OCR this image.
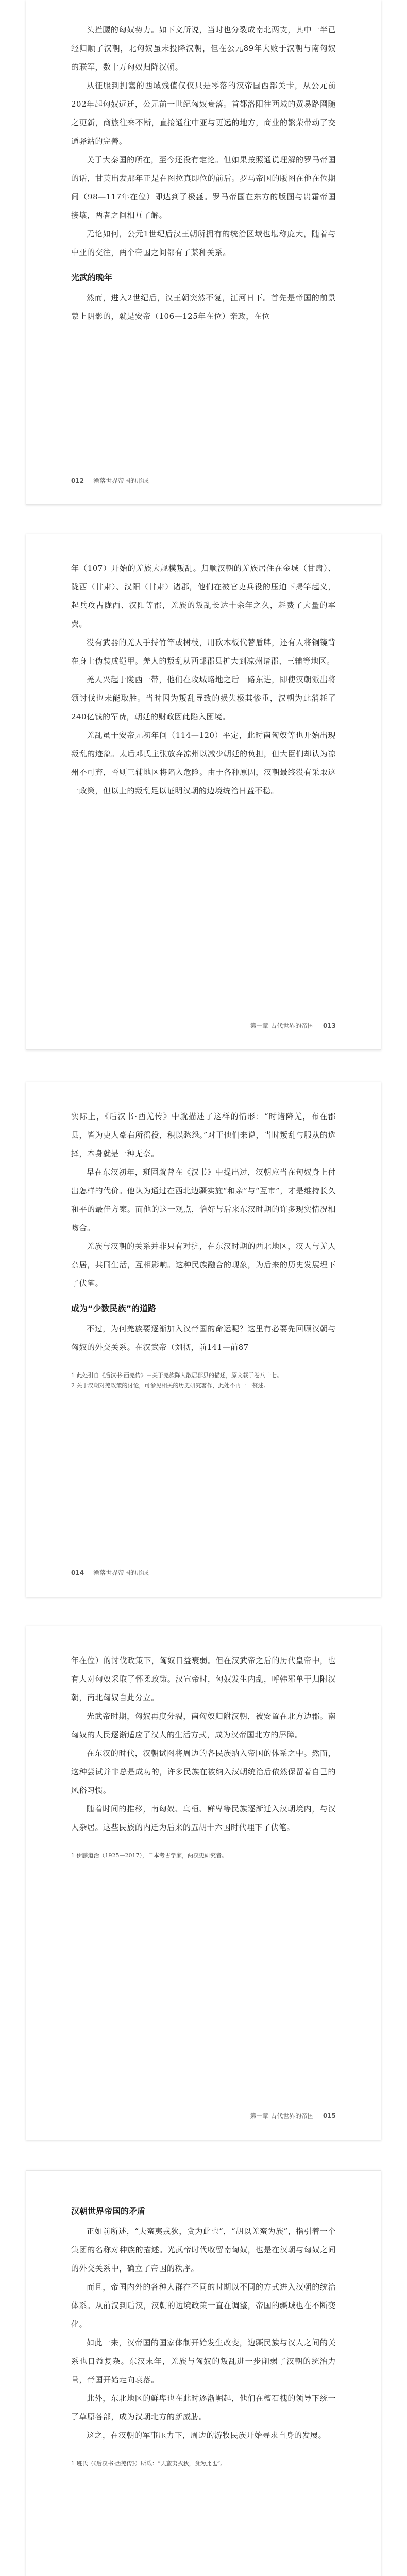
头拦腰的匈奴势力。如下文所说，当时也分裂成南北两支，其中一半已经归顺了汉朝，北匈奴虽未投降汉朝，但在公元89年大败于汉朝与南匈奴的联军，数十万匈奴归降汉朝。

从征服到拥塞的西域残值仅仅只是零落的汉帝国西部关卡，从公元前202年起匈奴远迁，公元前一世纪匈奴衰落。首都洛阳往西域的贸易路网随之更新，商旅往来不断，直接通往中亚与更远的地方，商业的繁荣带动了交通驿站的完善。

关于大秦国的所在，至今还没有定论。但如果按照通说理解的罗马帝国的话，甘英出发那年正是在图拉真即位的前后。罗马帝国的版图在他在位期间（98—117年在位）即达到了极盛。罗马帝国在东方的版图与贵霜帝国接壤，两者之间相互了解。

无论如何，公元1世纪后汉王朝所拥有的统治区域也堪称庞大，随着与中亚的交往，两个帝国之间都有了某种关系。

光武的晚年

然而，进入2世纪后，汉王朝突然不复，江河日下。首先是帝国的前景蒙上阴影的，就是安帝（106—125年在位）亲政，在位

012 湮落世界帝国的形成

年（107）开始的羌族大规模叛乱。归顺汉朝的羌族居住在金城（甘肃）、陇西（甘肃）、汉阳（甘肃）诸郡，他们在被官吏兵役的压迫下揭竿起义，起兵攻占陇西、汉阳等郡，羌族的叛乱长达十余年之久，耗费了大量的军费。

没有武器的羌人手持竹竿或树枝，用砍木板代替盾牌，还有人将铜镜背在身上伪装成铠甲。羌人的叛乱从西部郡县扩大到凉州诸郡、三辅等地区。

羌人兴起于陇西一带，他们在攻城略地之后一路东进，即使汉朝派出将领讨伐也未能取胜。当时因为叛乱导致的损失极其惨重，汉朝为此消耗了240亿钱的军费，朝廷的财政因此陷入困境。

羌乱虽于安帝元初年间（114—120）平定，此时南匈奴等也开始出现叛乱的迹象。太后邓氏主张放弃凉州以减少朝廷的负担，但大臣们却认为凉州不可弃，否则三辅地区将陷入危险。由于各种原因，汉朝最终没有采取这一政策，但以上的叛乱足以证明汉朝的边境统治日益不稳。

第一章 古代世界的帝国 013

实际上，《后汉书·西羌传》中就描述了这样的情形：“时诸降羌，布在郡县，皆为吏人豪右所徭役，积以愁怨。”对于他们来说，当时叛乱与服从的选择，本身就是一种无奈。

早在东汉初年，班固就曾在《汉书》中提出过，汉朝应当在匈奴身上付出怎样的代价。他认为通过在西北边疆实施“和亲”与“互市”，才是维持长久和平的最佳方案。而他的这一观点，恰好与后来东汉时期的许多现实情况相吻合。

羌族与汉朝的关系并非只有对抗，在东汉时期的西北地区，汉人与羌人杂居，共同生活，互相影响。这种民族融合的现象，为后来的历史发展埋下了伏笔。

成为“少数民族”的道路

不过，为何羌族要逐渐加入汉帝国的命运呢？这里有必要先回顾汉朝与匈奴的外交关系。在汉武帝（刘彻，前141—前87

1 此处引自《后汉书·西羌传》中关于羌族降人散居郡县的描述，原文载于卷八十七。

2 关于汉朝对羌政策的讨论，可参见相关的历史研究著作，此处不再一一赘述。

014 湮落世界帝国的形成

年在位）的讨伐政策下，匈奴日益衰弱。但在汉武帝之后的历代皇帝中，也有人对匈奴采取了怀柔政策。汉宣帝时，匈奴发生内乱，呼韩邪单于归附汉朝，南北匈奴自此分立。

光武帝时期，匈奴再度分裂，南匈奴归附汉朝，被安置在北方边郡。南匈奴的人民逐渐适应了汉人的生活方式，成为汉帝国北方的屏障。

在东汉的时代，汉朝试图将周边的各民族纳入帝国的体系之中。然而，这种尝试并非总是成功的，许多民族在被纳入汉朝统治后依然保留着自己的风俗习惯。

随着时间的推移，南匈奴、乌桓、鲜卑等民族逐渐迁入汉朝境内，与汉人杂居。这些民族的内迁为后来的五胡十六国时代埋下了伏笔。

1 伊藤道治（1925—2017），日本考古学家，两汉史研究者。

第一章 古代世界的帝国 015
汉朝世界帝国的矛盾

正如前所述，“夫蛮夷戎狄，贪为此也”，“胡以羌蛮为族”，指引着一个集团的名称对种族的描述。光武帝时代收留南匈奴，也是在汉朝与匈奴之间的外交关系中，确立了帝国的秩序。

而且，帝国内外的各种人群在不同的时期以不同的方式进入汉朝的统治体系。从前汉到后汉，汉朝的边境政策一直在调整，帝国的疆域也在不断变化。

如此一来，汉帝国的国家体制开始发生改变，边疆民族与汉人之间的关系也日益复杂。东汉末年，羌族与匈奴的叛乱进一步削弱了汉朝的统治力量，帝国开始走向衰落。

此外，东北地区的鲜卑也在此时逐渐崛起，他们在檀石槐的领导下统一了草原各部，成为汉朝北方的新威胁。

这之，在汉朝的军事压力下，周边的游牧民族开始寻求自身的发展。

1 班氏（《后汉书·西羌传》）所载：“夫蛮夷戎狄，贪为此也”。
